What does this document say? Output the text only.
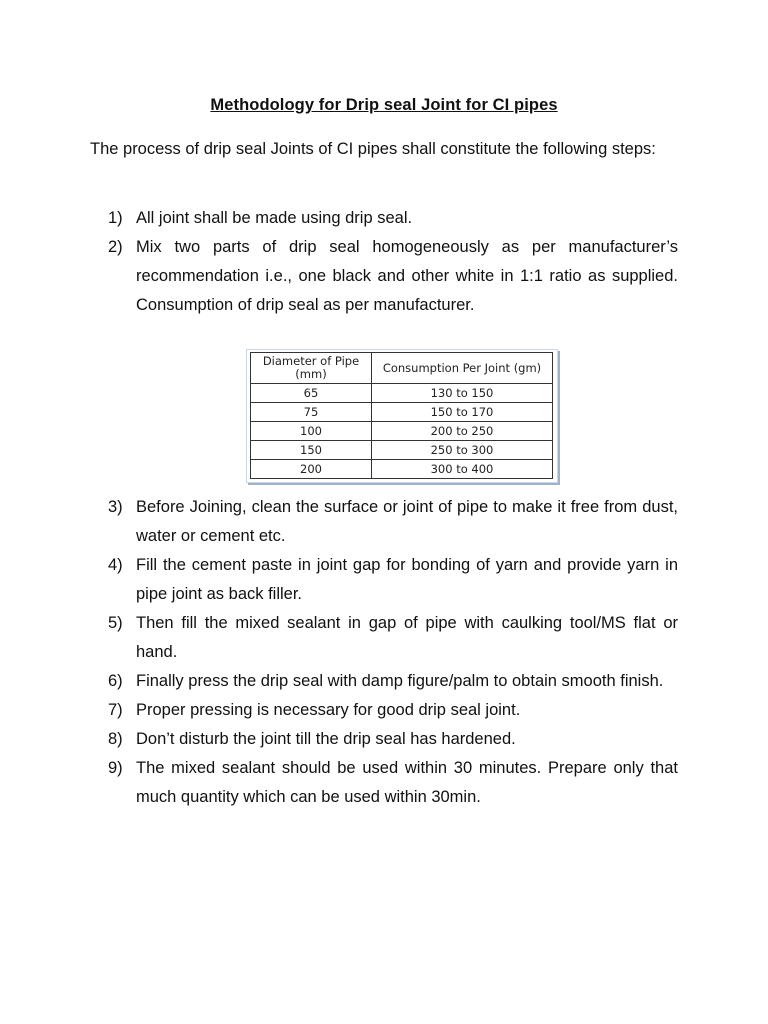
Methodology for Drip seal Joint for CI pipes
The process of drip seal Joints of CI pipes shall constitute the following steps:
1) All joint shall be made using drip seal.
2) Mix two parts of drip seal homogeneously as per manufacturer’s recommendation i.e., one black and other white in 1:1 ratio as supplied. Consumption of drip seal as per manufacturer.
Diameter of Pipe (mm)	Consumption Per Joint (gm)
65	130 to 150
75	150 to 170
100	200 to 250
150	250 to 300
200	300 to 400
3) Before Joining, clean the surface or joint of pipe to make it free from dust, water or cement etc.
4) Fill the cement paste in joint gap for bonding of yarn and provide yarn in pipe joint as back filler.
5) Then fill the mixed sealant in gap of pipe with caulking tool/MS flat or hand.
6) Finally press the drip seal with damp figure/palm to obtain smooth finish.
7) Proper pressing is necessary for good drip seal joint.
8) Don’t disturb the joint till the drip seal has hardened.
9) The mixed sealant should be used within 30 minutes. Prepare only that much quantity which can be used within 30min.
